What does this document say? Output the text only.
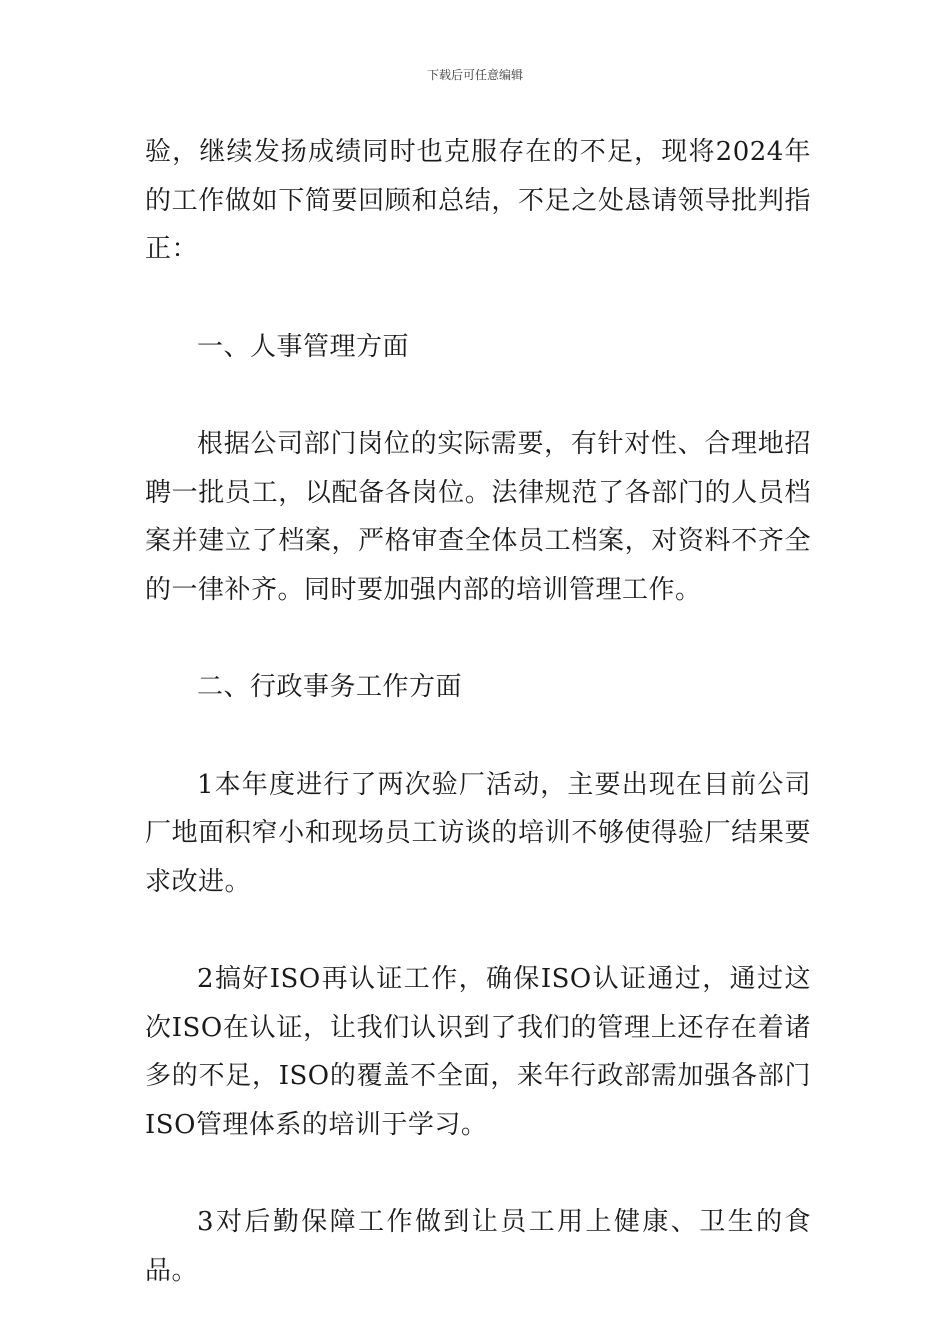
下载后可任意编辑

验，继续发扬成绩同时也克服存在的不足，现将2024年的工作做如下简要回顾和总结，不足之处恳请领导批判指正：

一、人事管理方面

根据公司部门岗位的实际需要，有针对性、合理地招聘一批员工，以配备各岗位。法律规范了各部门的人员档案并建立了档案，严格审查全体员工档案，对资料不齐全的一律补齐。同时要加强内部的培训管理工作。

二、行政事务工作方面

1本年度进行了两次验厂活动，主要出现在目前公司厂地面积窄小和现场员工访谈的培训不够使得验厂结果要求改进。

2搞好ISO再认证工作，确保ISO认证通过，通过这次ISO在认证，让我们认识到了我们的管理上还存在着诸多的不足，ISO的覆盖不全面，来年行政部需加强各部门ISO管理体系的培训于学习。

3对后勤保障工作做到让员工用上健康、卫生的食品。
